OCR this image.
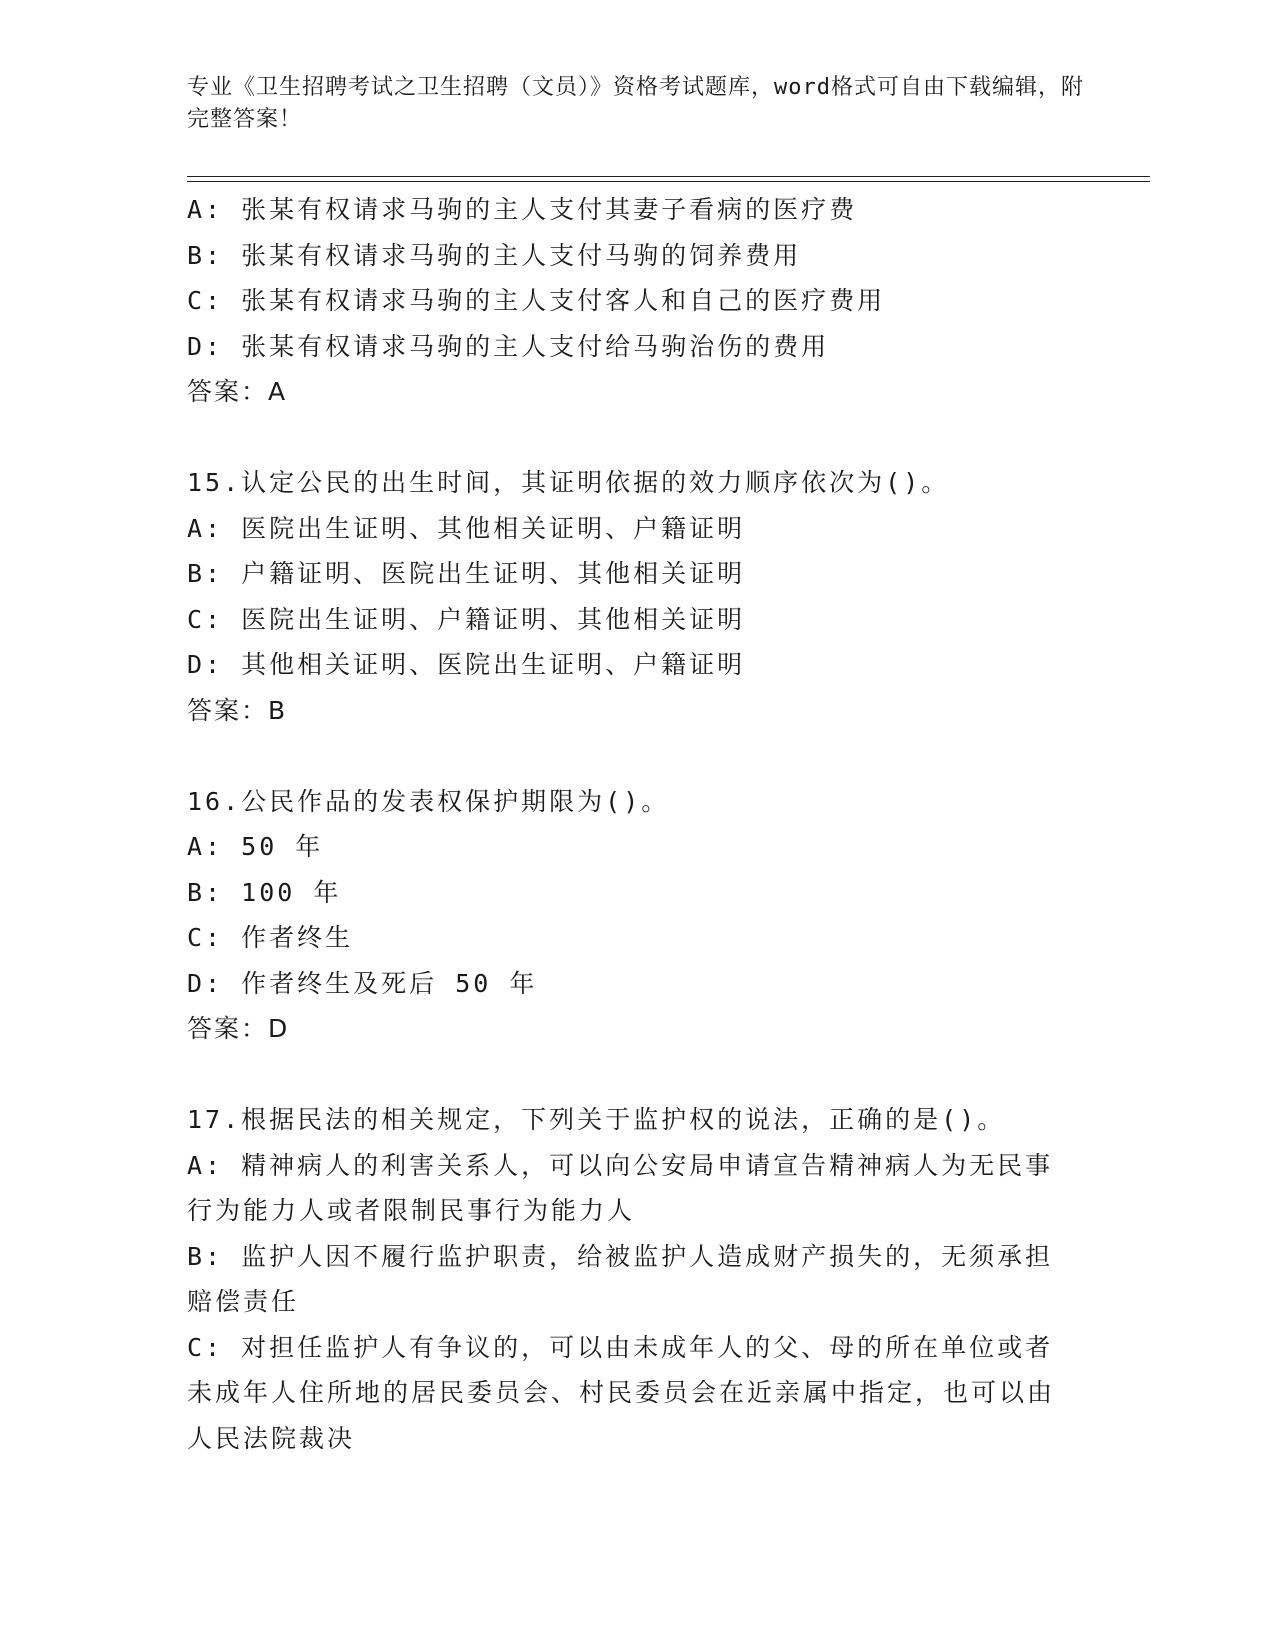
专业《卫生招聘考试之卫生招聘（文员）》资格考试题库，word格式可自由下载编辑，附完整答案！

A: 张某有权请求马驹的主人支付其妻子看病的医疗费

B: 张某有权请求马驹的主人支付马驹的饲养费用

C: 张某有权请求马驹的主人支付客人和自己的医疗费用

D: 张某有权请求马驹的主人支付给马驹治伤的费用

答案：A

15.认定公民的出生时间，其证明依据的效力顺序依次为()。

A: 医院出生证明、其他相关证明、户籍证明

B: 户籍证明、医院出生证明、其他相关证明

C: 医院出生证明、户籍证明、其他相关证明

D: 其他相关证明、医院出生证明、户籍证明

答案：B

16.公民作品的发表权保护期限为()。

A: 50 年

B: 100 年

C: 作者终生

D: 作者终生及死后 50 年

答案：D

17.根据民法的相关规定，下列关于监护权的说法，正确的是()。

A: 精神病人的利害关系人，可以向公安局申请宣告精神病人为无民事行为能力人或者限制民事行为能力人

B: 监护人因不履行监护职责，给被监护人造成财产损失的，无须承担赔偿责任

C: 对担任监护人有争议的，可以由未成年人的父、母的所在单位或者未成年人住所地的居民委员会、村民委员会在近亲属中指定，也可以由人民法院裁决
